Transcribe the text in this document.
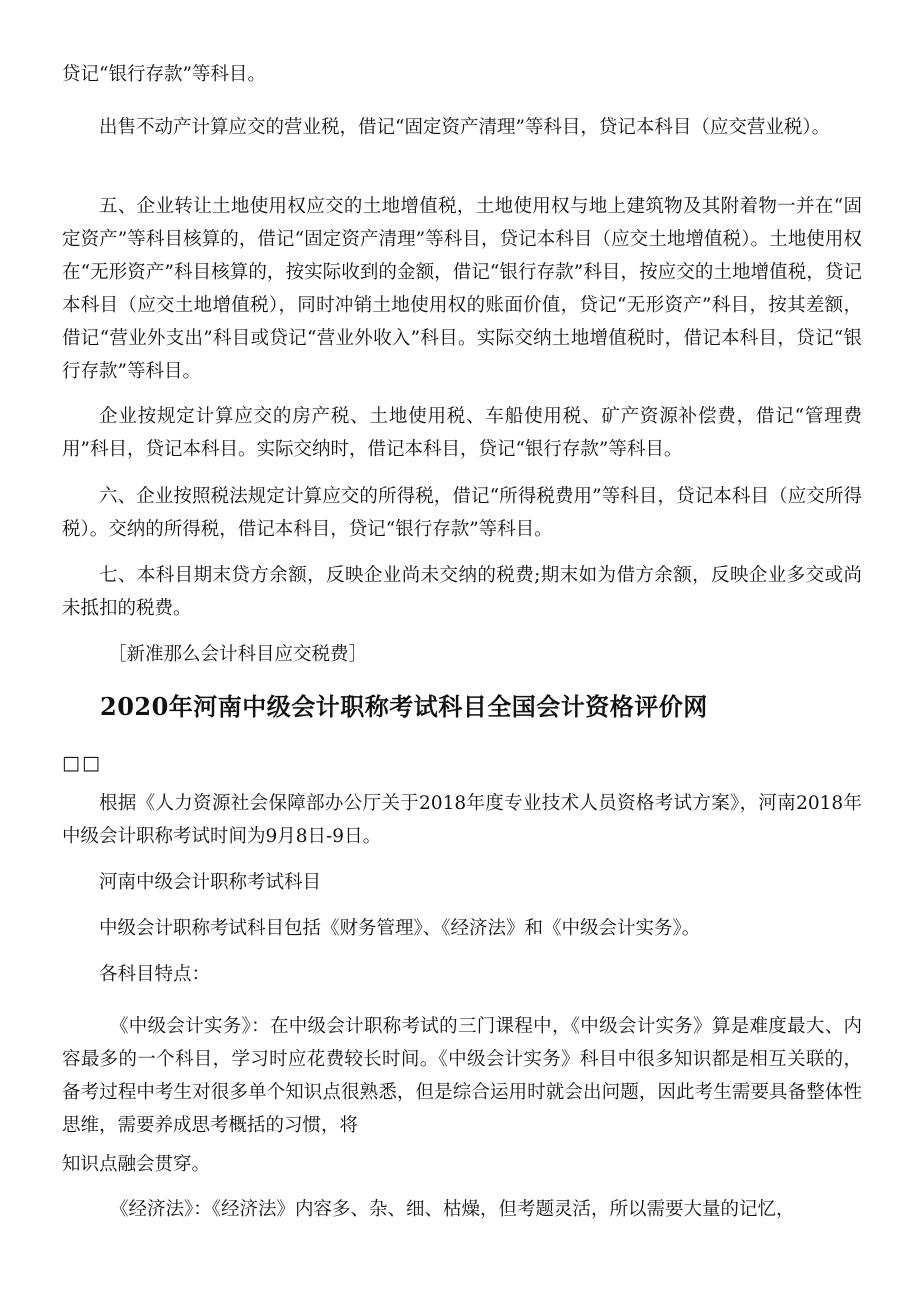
贷记“银行存款”等科目。

出售不动产计算应交的营业税，借记“固定资产清理”等科目，贷记本科目（应交营业税）。

五、企业转让土地使用权应交的土地增值税，土地使用权与地上建筑物及其附着物一并在“固定资产”等科目核算的，借记“固定资产清理”等科目，贷记本科目（应交土地增值税）。土地使用权在“无形资产”科目核算的，按实际收到的金额，借记“银行存款”科目，按应交的土地增值税，贷记本科目（应交土地增值税），同时冲销土地使用权的账面价值，贷记“无形资产”科目，按其差额，借记“营业外支出”科目或贷记“营业外收入”科目。实际交纳土地增值税时，借记本科目，贷记“银行存款”等科目。

企业按规定计算应交的房产税、土地使用税、车船使用税、矿产资源补偿费，借记“管理费用”科目，贷记本科目。实际交纳时，借记本科目，贷记“银行存款”等科目。

六、企业按照税法规定计算应交的所得税，借记“所得税费用”等科目，贷记本科目（应交所得税）。交纳的所得税，借记本科目，贷记“银行存款”等科目。

七、本科目期末贷方余额，反映企业尚未交纳的税费;期末如为借方余额，反映企业多交或尚未抵扣的税费。

［新准那么会计科目应交税费］

2020年河南中级会计职称考试科目全国会计资格评价网
□□

根据《人力资源社会保障部办公厅关于2018年度专业技术人员资格考试方案》，河南2018年中级会计职称考试时间为9月8日-9日。

河南中级会计职称考试科目

中级会计职称考试科目包括《财务管理》、《经济法》和《中级会计实务》。

各科目特点：

《中级会计实务》：在中级会计职称考试的三门课程中，《中级会计实务》算是难度最大、内容最多的一个科目，学习时应花费较长时间。《中级会计实务》科目中很多知识都是相互关联的，备考过程中考生对很多单个知识点很熟悉，但是综合运用时就会出问题，因此考生需要具备整体性思维，需要养成思考概括的习惯，将

知识点融会贯穿。

《经济法》：《经济法》内容多、杂、细、枯燥，但考题灵活，所以需要大量的记忆，
